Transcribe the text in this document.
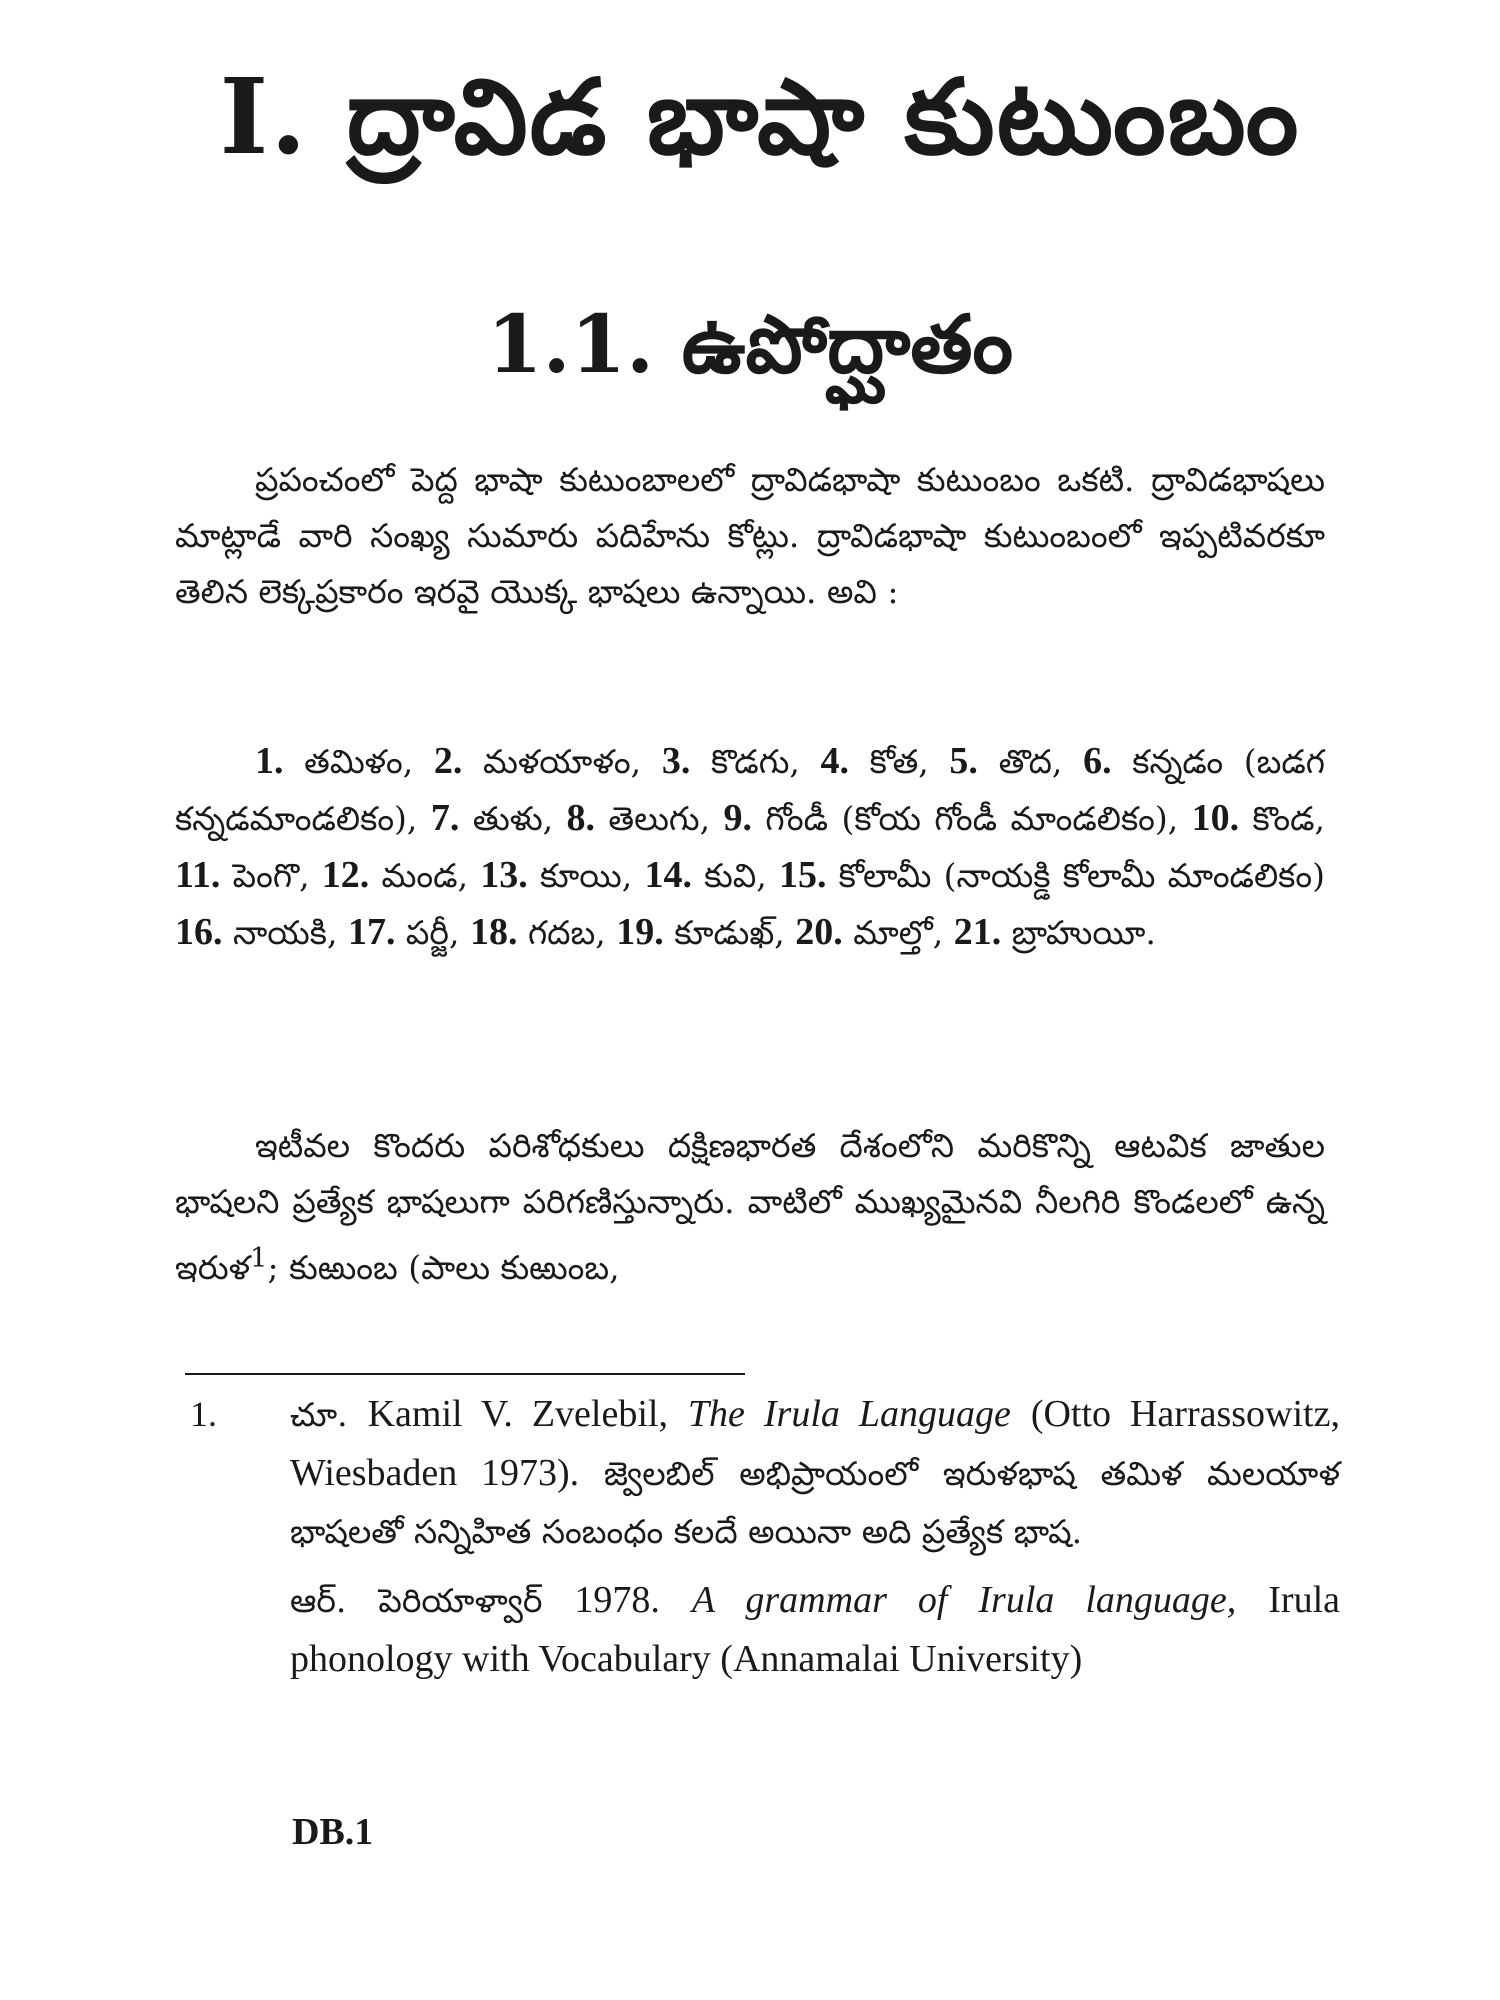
I. ద్రావిడ భాషా కుటుంబం
1.1. ఉపోద్ఘాతం

ప్రపంచంలో పెద్ద భాషా కుటుంబాలలో ద్రావిడభాషా కుటుంబం ఒకటి. ద్రావిడభాషలు మాట్లాడే వారి సంఖ్య సుమారు పదిహేను కోట్లు. ద్రావిడభాషా కుటుంబంలో ఇప్పటివరకూ తెలిన లెక్కప్రకారం ఇరవై యొక్క భాషలు ఉన్నాయి. అవి :

1. తమిళం, 2. మళయాళం, 3. కొడగు, 4. కోత, 5. తొద, 6. కన్నడం (బడగ కన్నడమాండలికం), 7. తుళు, 8. తెలుగు, 9. గోండీ (కోయ గోండీ మాండలికం), 10. కొండ, 11. పెంగొ, 12. మండ, 13. కూయి, 14. కువి, 15. కోలామీ (నాయక్డి కోలామీ మాండలికం) 16. నాయకి, 17. పర్జీ, 18. గదబ, 19. కూడుఖ్, 20. మాల్తో, 21. బ్రాహుయీ.

ఇటీవల కొందరు పరిశోధకులు దక్షిణభారత దేశంలోని మరికొన్ని ఆటవిక జాతుల భాషలని ప్రత్యేక భాషలుగా పరిగణిస్తున్నారు. వాటిలో ముఖ్యమైనవి నీలగిరి కొండలలో ఉన్న ఇరుళ$^1$; కుఱుంబ (పాలు కుఱుంబ,

1. చూ. Kamil V. Zvelebil, The Irula Language (Otto Harrassowitz, Wiesbaden 1973). జ్వెలబిల్ అభిప్రాయంలో ఇరుళభాష తమిళ మలయాళ భాషలతో సన్నిహిత సంబంధం కలదే అయినా అది ప్రత్యేక భాష.
ఆర్. పెరియాళ్వార్ 1978. A grammar of Irula language, Irula phonology with Vocabulary (Annamalai University)
DB.1
